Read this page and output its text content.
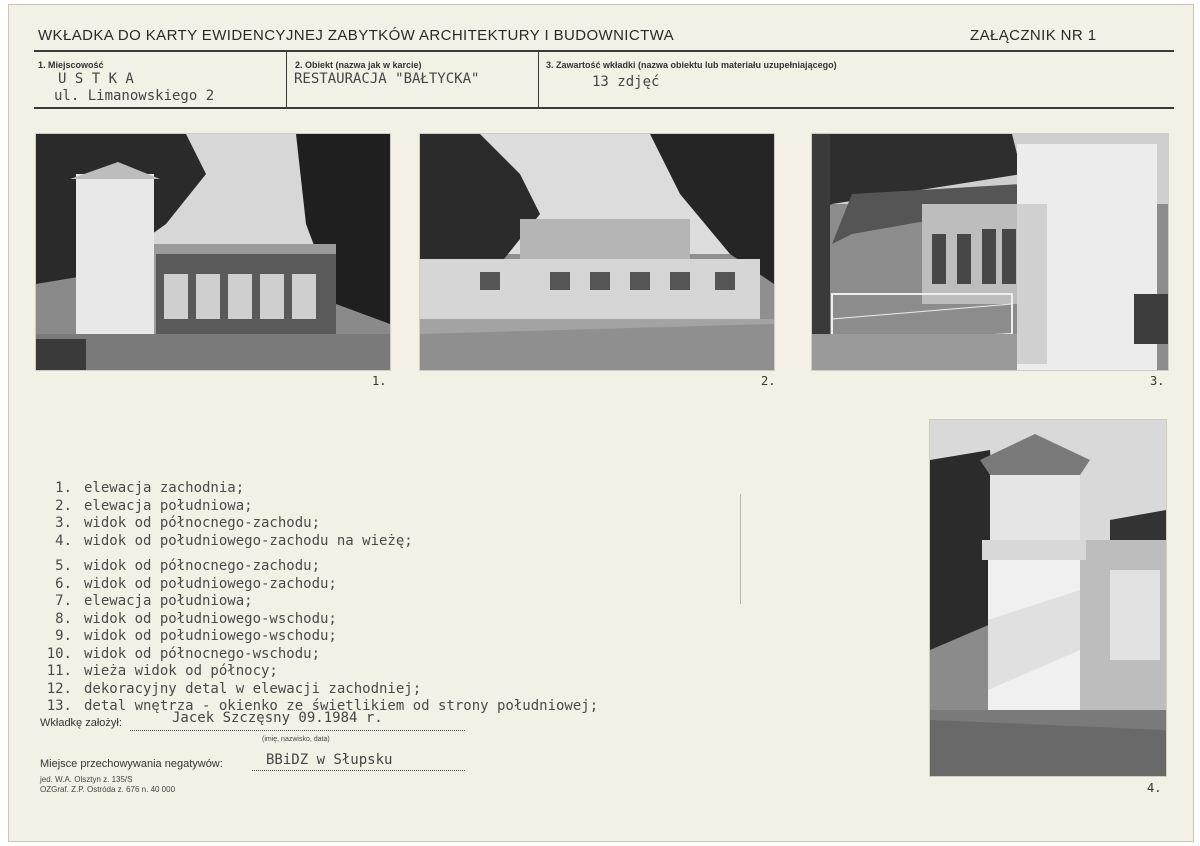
WKŁADKA DO KARTY EWIDENCYJNEJ ZABYTKÓW ARCHITEKTURY I BUDOWNICTWA	ZAŁĄCZNIK NR 1
1. Miejscowość
U S T K A
ul. Limanowskiego 2
2. Obiekt (nazwa jak w karcie)
RESTAURACJA "BAŁTYCKA"
3. Zawartość wkładki (nazwa obiektu lub materiału uzupełniającego)
13 zdjęć
1.	2.	3.
4.
1. elewacja zachodnia;
2. elewacja południowa;
3. widok od północnego-zachodu;
4. widok od południowego-zachodu na wieżę;
5. widok od północnego-zachodu;
6. widok od południowego-zachodu;
7. elewacja południowa;
8. widok od południowego-wschodu;
9. widok od południowego-wschodu;
10. widok od północnego-wschodu;
11. wieża widok od północy;
12. dekoracyjny detal w elewacji zachodniej;
13. detal wnętrza - okienko ze świetlikiem od strony południowej;
Wkładkę założył:	Jacek Szczęsny 09.1984 r.
(imię, nazwisko, data)
Miejsce przechowywania negatywów:	BBiDZ w Słupsku
jed. W.A. Olsztyn z. 135/S
OZGraf. Z.P. Ostróda z. 676 n. 40 000
